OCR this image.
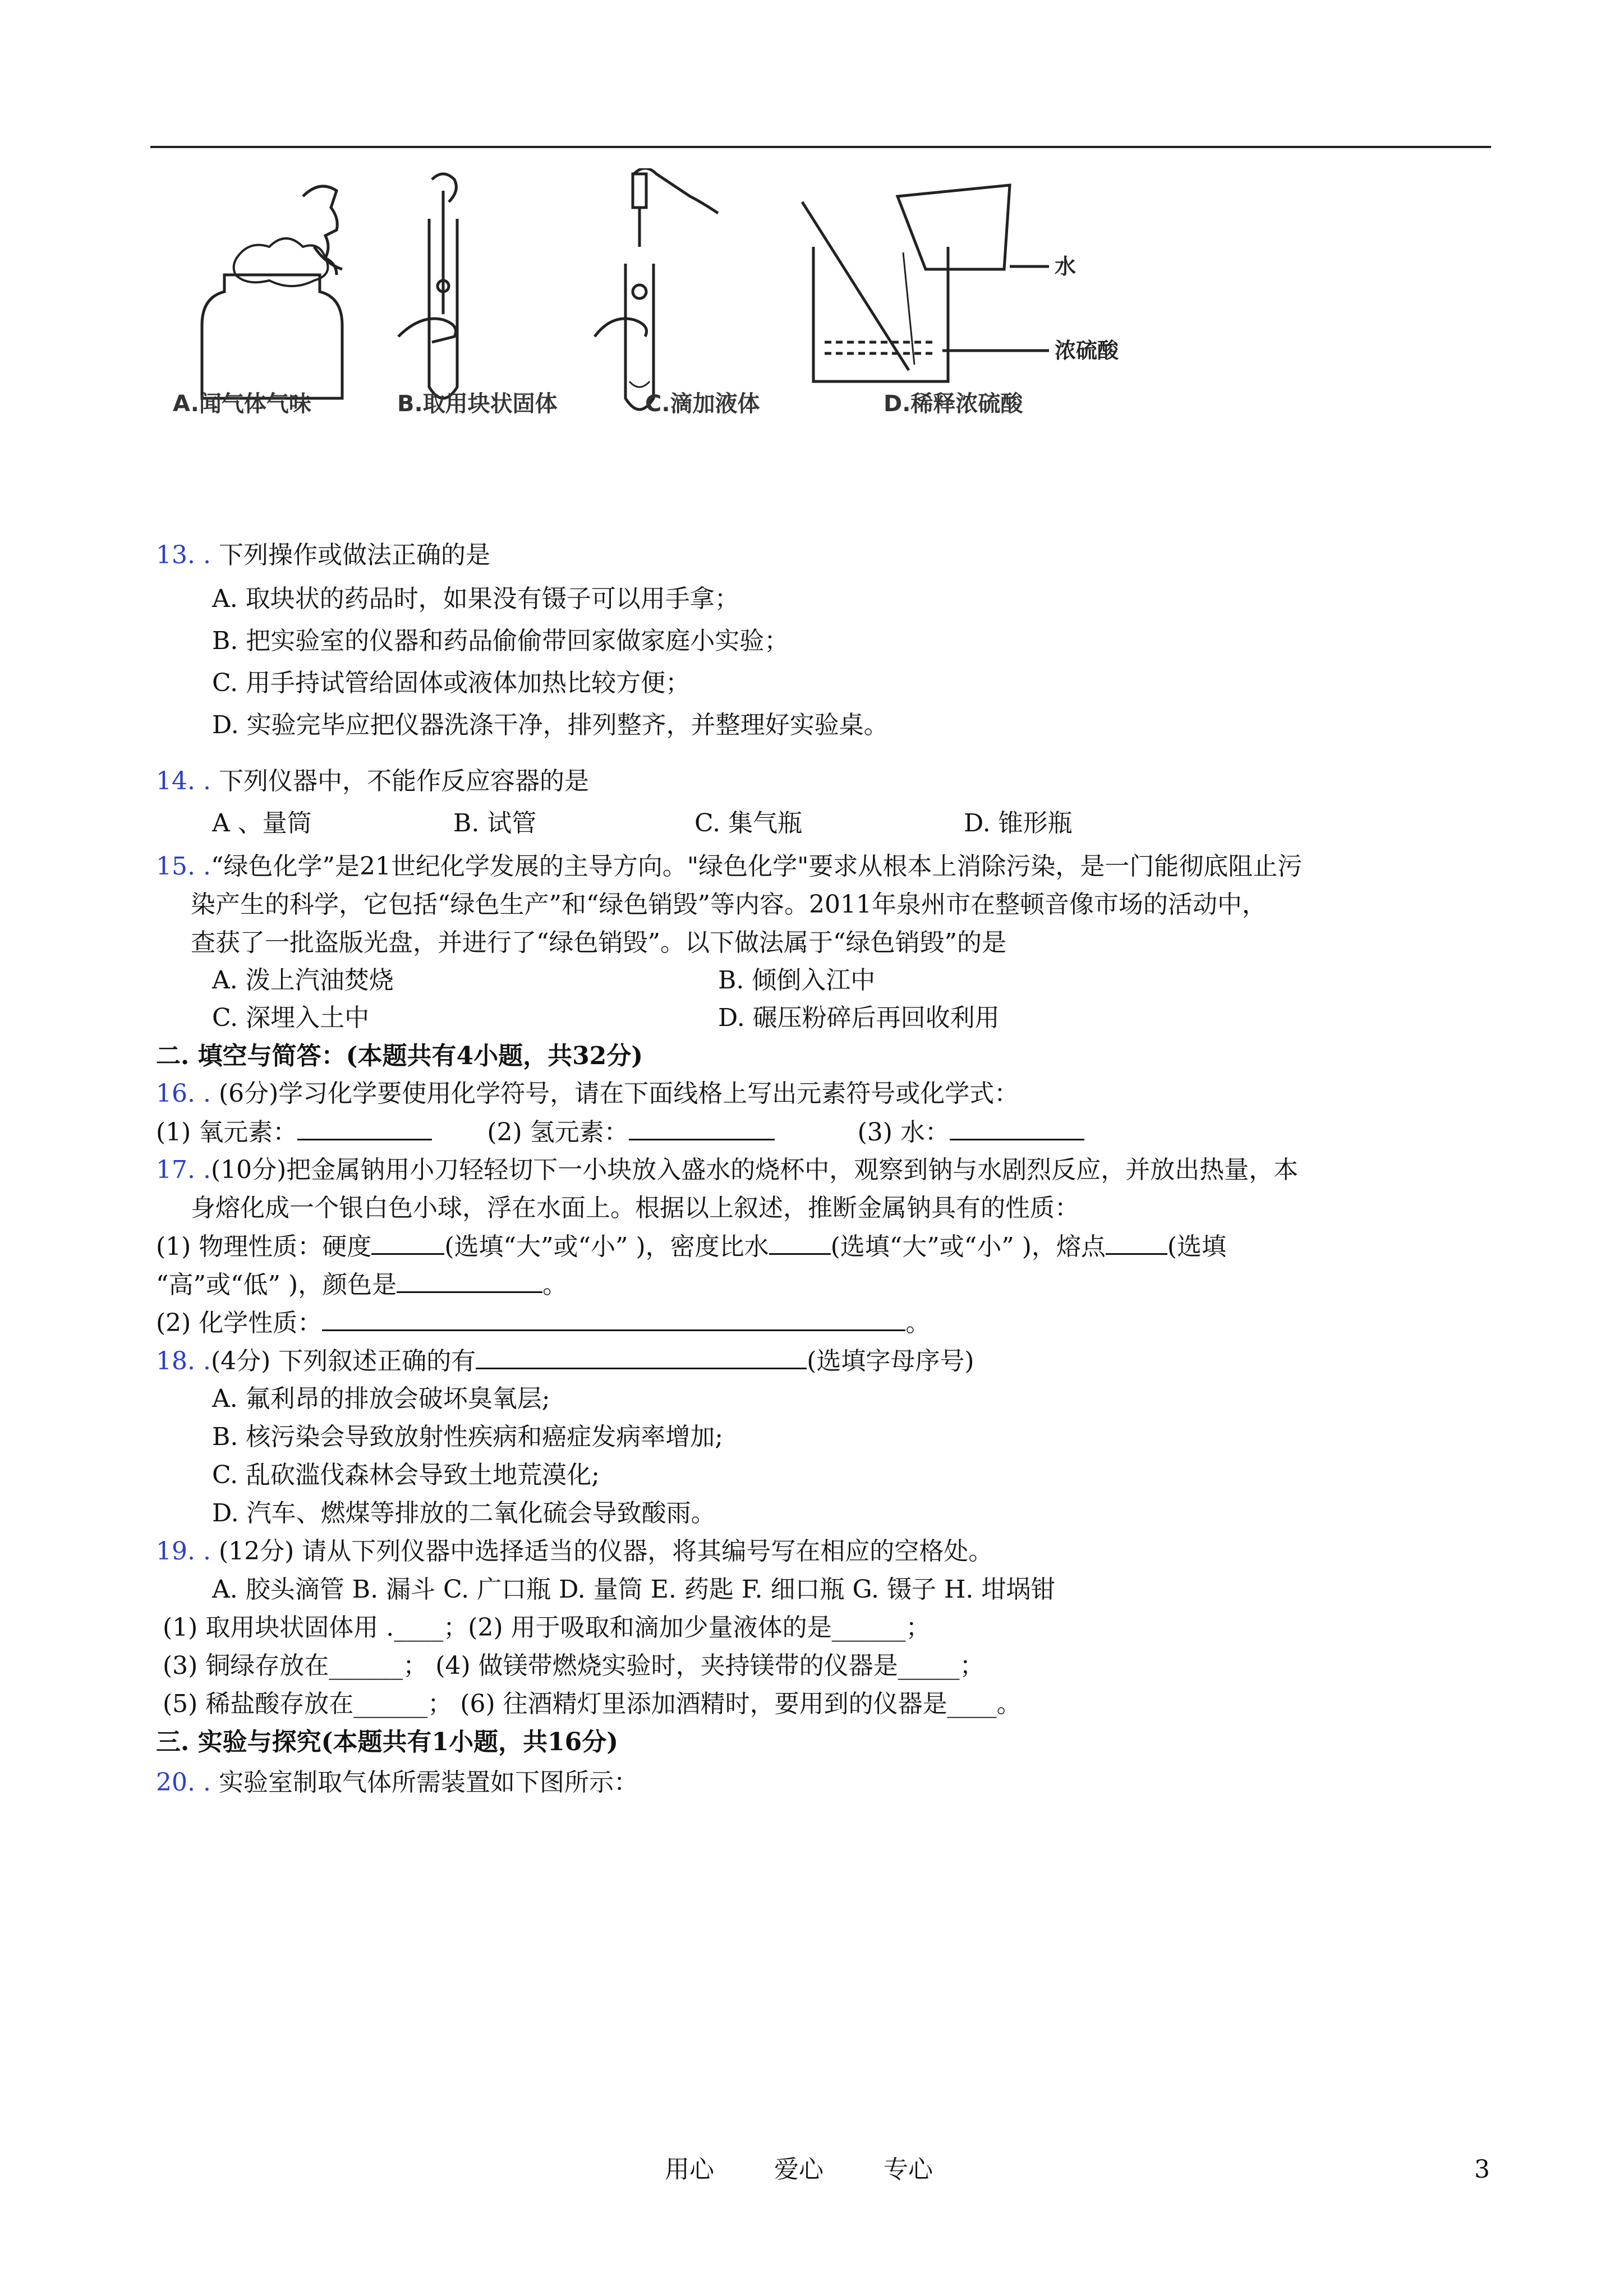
水
浓硫酸
A.闻气体气味	B.取用块状固体	C.滴加液体	D.稀释浓硫酸
13. . 下列操作或做法正确的是
A. 取块状的药品时，如果没有镊子可以用手拿；
B. 把实验室的仪器和药品偷偷带回家做家庭小实验；
C. 用手持试管给固体或液体加热比较方便；
D. 实验完毕应把仪器洗涤干净，排列整齐，并整理好实验桌。
14. . 下列仪器中，不能作反应容器的是
A 、量筒	B. 试管	C. 集气瓶	D. 锥形瓶
15. .“绿色化学”是21世纪化学发展的主导方向。"绿色化学"要求从根本上消除污染，是一门能彻底阻止污
染产生的科学，它包括“绿色生产”和“绿色销毁”等内容。2011年泉州市在整顿音像市场的活动中，
查获了一批盗版光盘，并进行了“绿色销毁”。以下做法属于“绿色销毁”的是
A. 泼上汽油焚烧	B. 倾倒入江中
C. 深埋入土中	D. 碾压粉碎后再回收利用
二. 填空与简答：(本题共有4小题，共32分)
16. . (6分)学习化学要使用化学符号，请在下面线格上写出元素符号或化学式：
(1) 氧元素：	(2) 氢元素：	(3) 水：
17. .(10分)把金属钠用小刀轻轻切下一小块放入盛水的烧杯中，观察到钠与水剧烈反应，并放出热量，本
身熔化成一个银白色小球，浮在水面上。根据以上叙述，推断金属钠具有的性质：
(1) 物理性质：硬度	(选填“大”或“小” )，密度比水	(选填“大”或“小” )，熔点	(选填
“高”或“低” )，颜色是	。
(2) 化学性质：	。
18. .(4分) 下列叙述正确的有	(选填字母序号)
A. 氟利昂的排放会破坏臭氧层;
B. 核污染会导致放射性疾病和癌症发病率增加;
C. 乱砍滥伐森林会导致土地荒漠化;
D. 汽车、燃煤等排放的二氧化硫会导致酸雨。
19. . (12分) 请从下列仪器中选择适当的仪器，将其编号写在相应的空格处。
A. 胶头滴管 B. 漏斗 C. 广口瓶 D. 量筒 E. 药匙 F. 细口瓶 G. 镊子 H. 坩埚钳
(1) 取用块状固体用 .____；(2) 用于吸取和滴加少量液体的是______；
(3) 铜绿存放在______； (4) 做镁带燃烧实验时，夹持镁带的仪器是_____；
(5) 稀盐酸存放在______； (6) 往酒精灯里添加酒精时，要用到的仪器是____。
三. 实验与探究(本题共有1小题，共16分)
20. . 实验室制取气体所需装置如下图所示：
用心 爱心 专心	3
